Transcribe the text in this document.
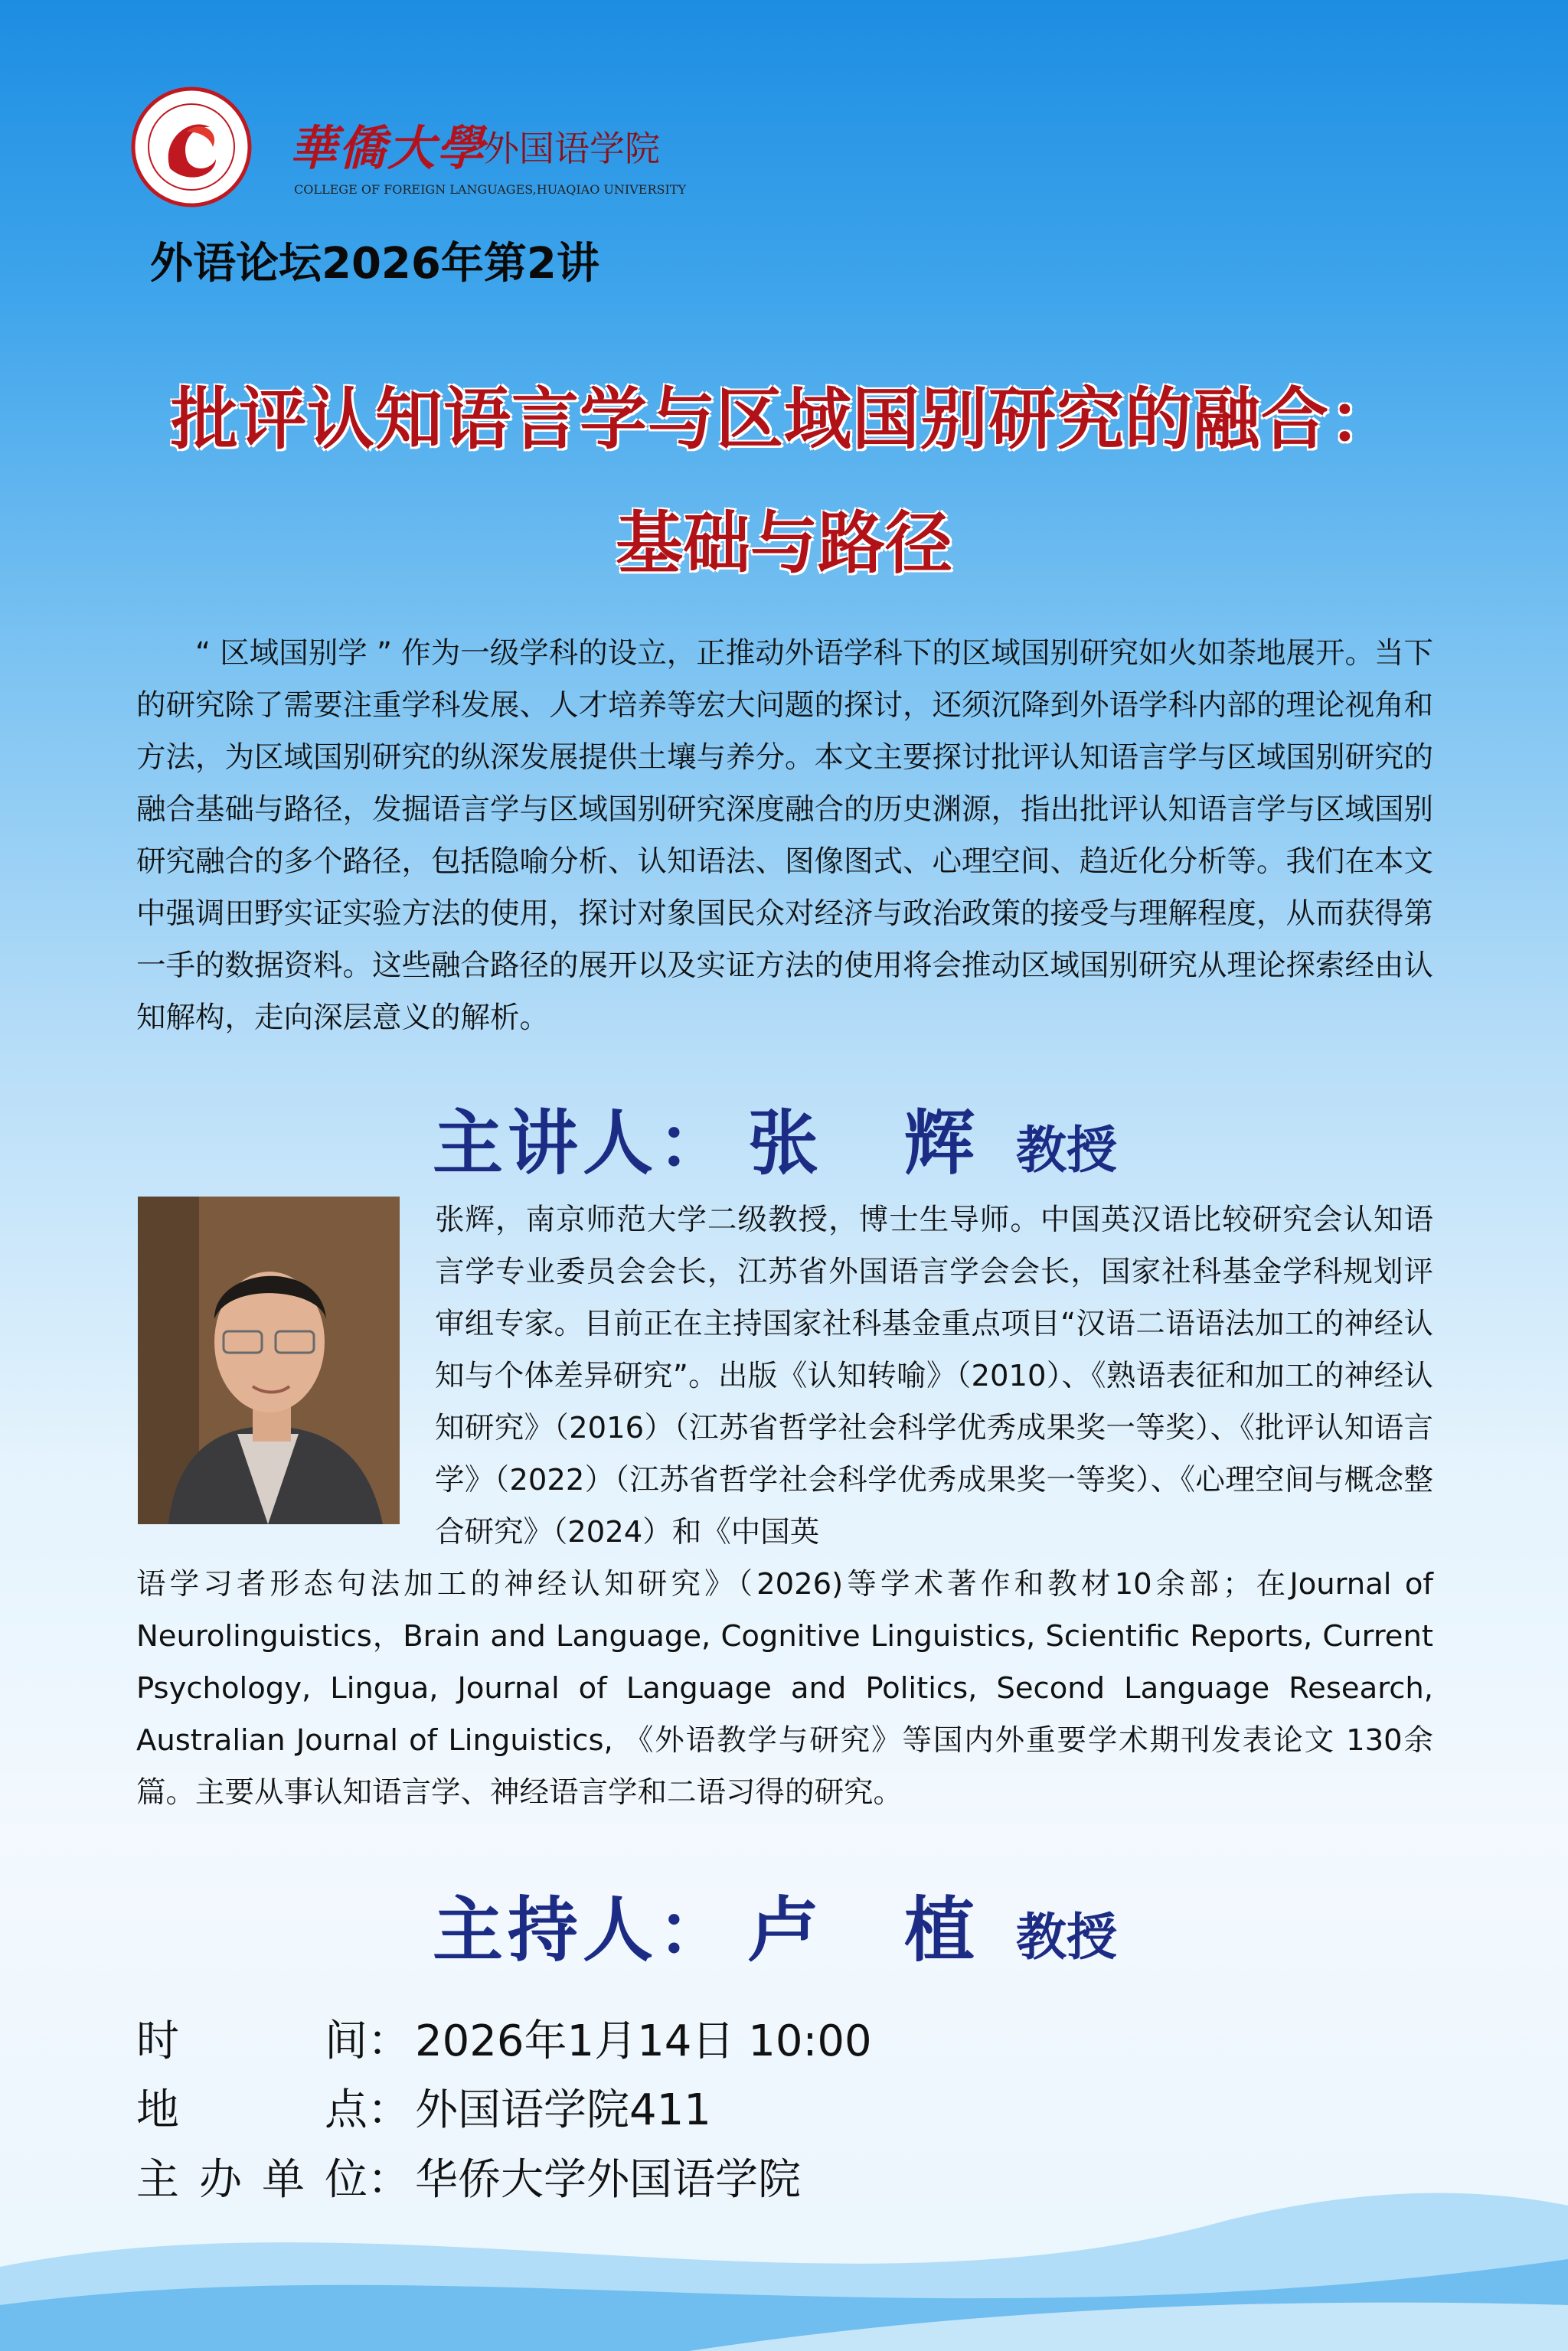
華僑大學
外国语学院
COLLEGE OF FOREIGN LANGUAGES,HUAQIAO UNIVERSITY
外语论坛2026年第2讲
批评认知语言学与区域国别研究的融合：
基础与路径
“ 区域国别学 ” 作为一级学科的设立，正推动外语学科下的区域国别研究如火如荼地展开。当下的研究除了需要注重学科发展、人才培养等宏大问题的探讨，还须沉降到外语学科内部的理论视角和方法，为区域国别研究的纵深发展提供土壤与养分。本文主要探讨批评认知语言学与区域国别研究的融合基础与路径，发掘语言学与区域国别研究深度融合的历史渊源，指出批评认知语言学与区域国别研究融合的多个路径，包括隐喻分析、认知语法、图像图式、心理空间、趋近化分析等。我们在本文中强调田野实证实验方法的使用，探讨对象国民众对经济与政治政策的接受与理解程度，从而获得第一手的数据资料。这些融合路径的展开以及实证方法的使用将会推动区域国别研究从理论探索经由认知解构，走向深层意义的解析。
主讲人： 张 辉 教授
张辉，南京师范大学二级教授，博士生导师。中国英汉语比较研究会认知语言学专业委员会会长，江苏省外国语言学会会长，国家社科基金学科规划评审组专家。目前正在主持国家社科基金重点项目“汉语二语语法加工的神经认知与个体差异研究”。出版《认知转喻》（2010）、《熟语表征和加工的神经认知研究》（2016）（江苏省哲学社会科学优秀成果奖一等奖）、《批评认知语言学》（2022）（江苏省哲学社会科学优秀成果奖一等奖）、《心理空间与概念整合研究》（2024）和《中国英
语学习者形态句法加工的神经认知研究》（2026)等学术著作和教材10余部；在Journal of Neurolinguistics，Brain and Language, Cognitive Linguistics, Scientific Reports, Current Psychology, Lingua, Journal of Language and Politics, Second Language Research, Australian Journal of Linguistics, 《外语教学与研究》等国内外重要学术期刊发表论文 130余篇。主要从事认知语言学、神经语言学和二语习得的研究。
主持人： 卢 植 教授
时 间： 2026年1月14日 10:00
地 点： 外国语学院411
主办单位： 华侨大学外国语学院
